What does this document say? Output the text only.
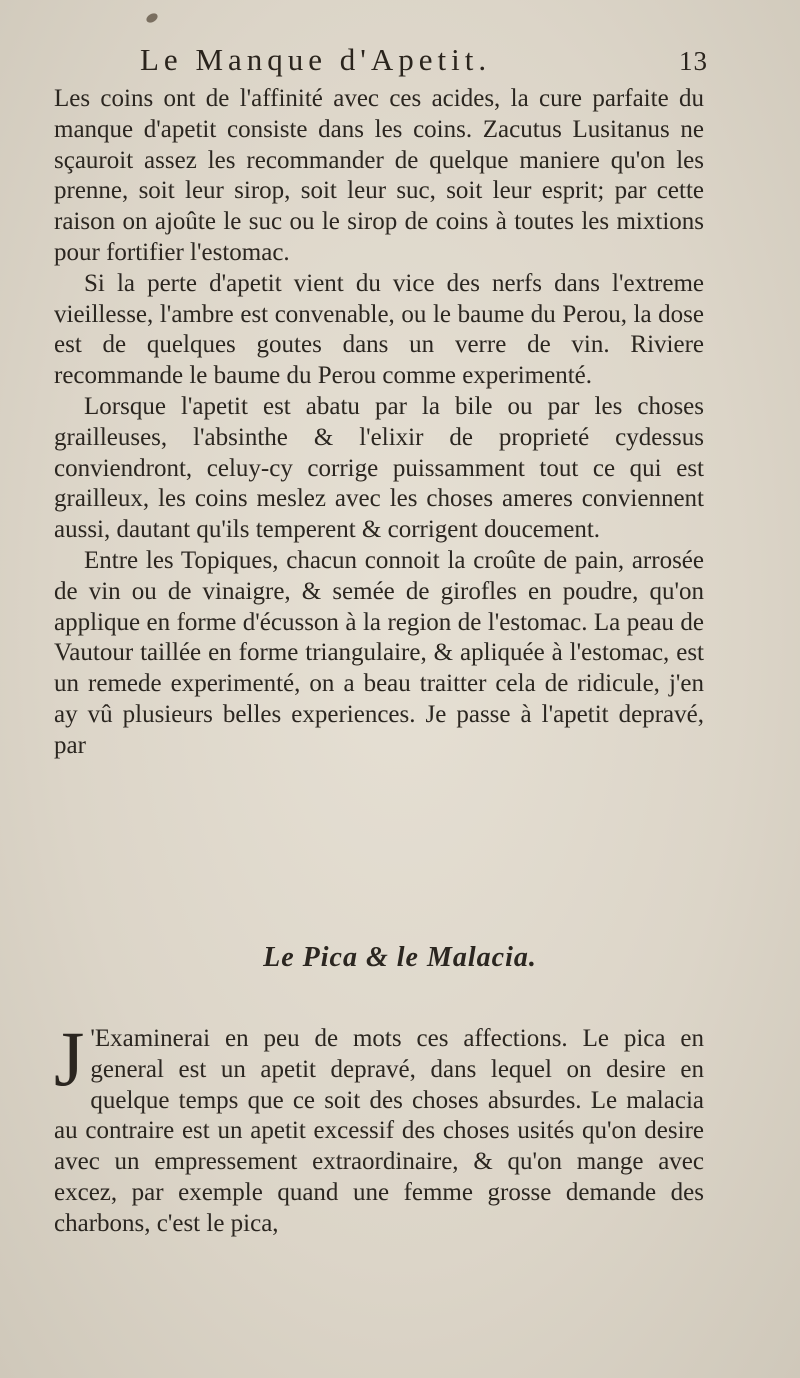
Le Manque d'Apetit.	13

Les coins ont de l'affinité avec ces acides, la cure parfaite du manque d'apetit consiste dans les coins. Zacutus Lusitanus ne sçauroit assez les recommander de quelque maniere qu'on les prenne, soit leur sirop, soit leur suc, soit leur esprit; par cette raison on ajoûte le suc ou le sirop de coins à toutes les mixtions pour fortifier l'estomac.

Si la perte d'apetit vient du vice des nerfs dans l'extreme vieillesse, l'ambre est convenable, ou le baume du Perou, la dose est de quelques goutes dans un verre de vin. Riviere recommande le baume du Perou comme experimenté.

Lorsque l'apetit est abatu par la bile ou par les choses grailleuses, l'absinthe & l'elixir de proprieté cydessus conviendront, celuy-cy corrige puissamment tout ce qui est grailleux, les coins meslez avec les choses ameres conviennent aussi, dautant qu'ils temperent & corrigent doucement.

Entre les Topiques, chacun connoit la croûte de pain, arrosée de vin ou de vinaigre, & semée de girofles en poudre, qu'on applique en forme d'écusson à la region de l'estomac. La peau de Vautour taillée en forme triangulaire, & apliquée à l'estomac, est un remede experimenté, on a beau traitter cela de ridicule, j'en ay vû plusieurs belles experiences. Je passe à l'apetit depravé, par

Le Pica & le Malacia.
J 'Examinerai en peu de mots ces affections. Le pica en general est un apetit depravé, dans lequel on desire en quelque temps que ce soit des choses absurdes. Le malacia au contraire est un apetit excessif des choses usités qu'on desire avec un empressement extraordinaire, & qu'on mange avec excez, par exemple quand une femme grosse demande des charbons, c'est le pica,
